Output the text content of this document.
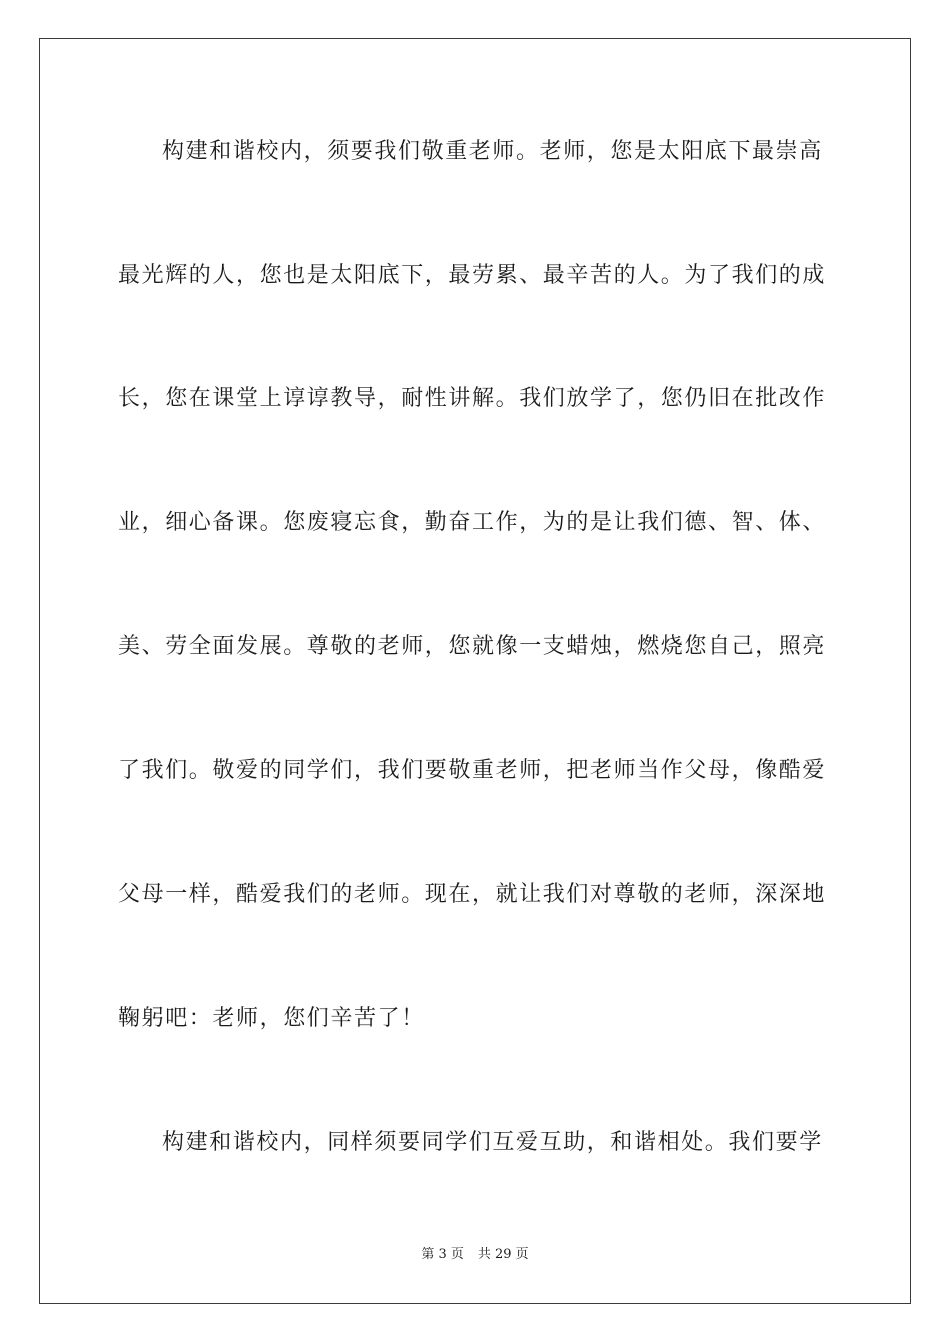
构建和谐校内，须要我们敬重老师。老师，您是太阳底下最崇高
最光辉的人，您也是太阳底下，最劳累、最辛苦的人。为了我们的成
长，您在课堂上谆谆教导，耐性讲解。我们放学了，您仍旧在批改作
业，细心备课。您废寝忘食，勤奋工作，为的是让我们德、智、体、
美、劳全面发展。尊敬的老师，您就像一支蜡烛，燃烧您自己，照亮
了我们。敬爱的同学们，我们要敬重老师，把老师当作父母，像酷爱
父母一样，酷爱我们的老师。现在，就让我们对尊敬的老师，深深地
鞠躬吧：老师，您们辛苦了！
构建和谐校内，同样须要同学们互爱互助，和谐相处。我们要学
第 3 页 共 29 页
